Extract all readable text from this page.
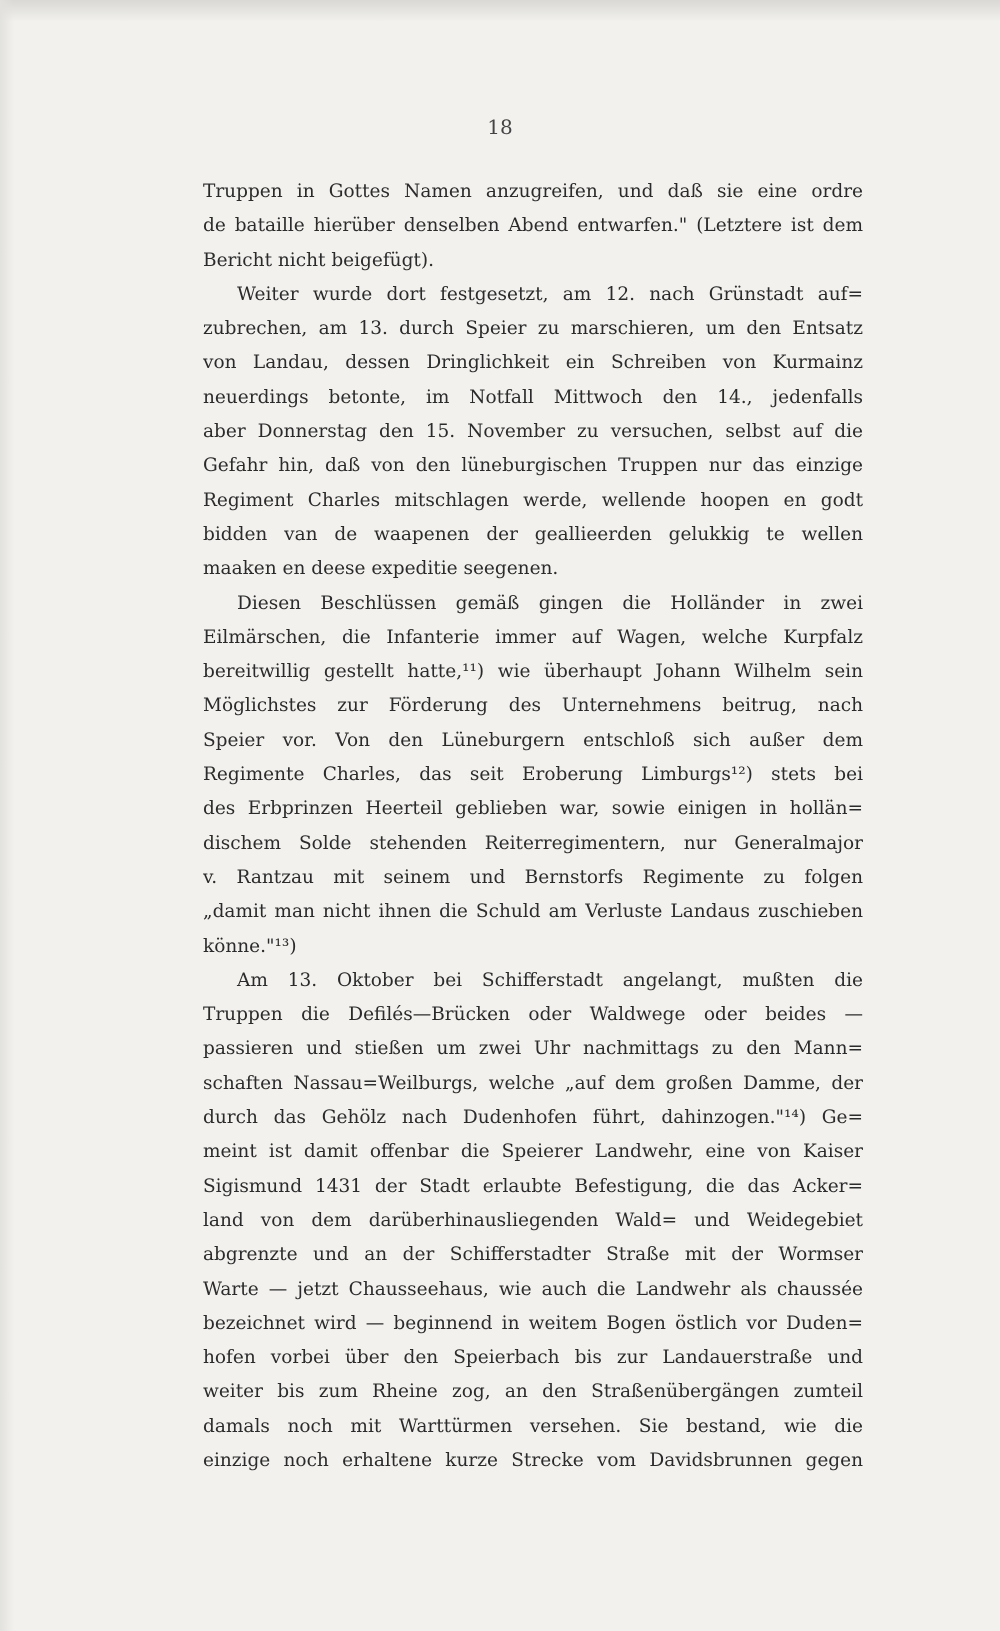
18
Truppen in Gottes Namen anzugreifen, und daß sie eine ordre
de bataille hierüber denselben Abend entwarfen." (Letztere ist dem
Bericht nicht beigefügt).
Weiter wurde dort festgesetzt, am 12. nach Grünstadt auf=
zubrechen, am 13. durch Speier zu marschieren, um den Entsatz
von Landau, dessen Dringlichkeit ein Schreiben von Kurmainz
neuerdings betonte, im Notfall Mittwoch den 14., jedenfalls
aber Donnerstag den 15. November zu versuchen, selbst auf die
Gefahr hin, daß von den lüneburgischen Truppen nur das einzige
Regiment Charles mitschlagen werde, wellende hoopen en godt
bidden van de waapenen der geallieerden gelukkig te wellen
maaken en deese expeditie seegenen.
Diesen Beschlüssen gemäß gingen die Holländer in zwei
Eilmärschen, die Infanterie immer auf Wagen, welche Kurpfalz
bereitwillig gestellt hatte,¹¹) wie überhaupt Johann Wilhelm sein
Möglichstes zur Förderung des Unternehmens beitrug, nach
Speier vor. Von den Lüneburgern entschloß sich außer dem
Regimente Charles, das seit Eroberung Limburgs¹²) stets bei
des Erbprinzen Heerteil geblieben war, sowie einigen in hollän=
dischem Solde stehenden Reiterregimentern, nur Generalmajor
v. Rantzau mit seinem und Bernstorfs Regimente zu folgen
„damit man nicht ihnen die Schuld am Verluste Landaus zuschieben
könne."¹³)
Am 13. Oktober bei Schifferstadt angelangt, mußten die
Truppen die Defilés—Brücken oder Waldwege oder beides —
passieren und stießen um zwei Uhr nachmittags zu den Mann=
schaften Nassau=Weilburgs, welche „auf dem großen Damme, der
durch das Gehölz nach Dudenhofen führt, dahinzogen."¹⁴) Ge=
meint ist damit offenbar die Speierer Landwehr, eine von Kaiser
Sigismund 1431 der Stadt erlaubte Befestigung, die das Acker=
land von dem darüberhinausliegenden Wald= und Weidegebiet
abgrenzte und an der Schifferstadter Straße mit der Wormser
Warte — jetzt Chausseehaus, wie auch die Landwehr als chaussée
bezeichnet wird — beginnend in weitem Bogen östlich vor Duden=
hofen vorbei über den Speierbach bis zur Landauerstraße und
weiter bis zum Rheine zog, an den Straßenübergängen zumteil
damals noch mit Warttürmen versehen. Sie bestand, wie die
einzige noch erhaltene kurze Strecke vom Davidsbrunnen gegen
